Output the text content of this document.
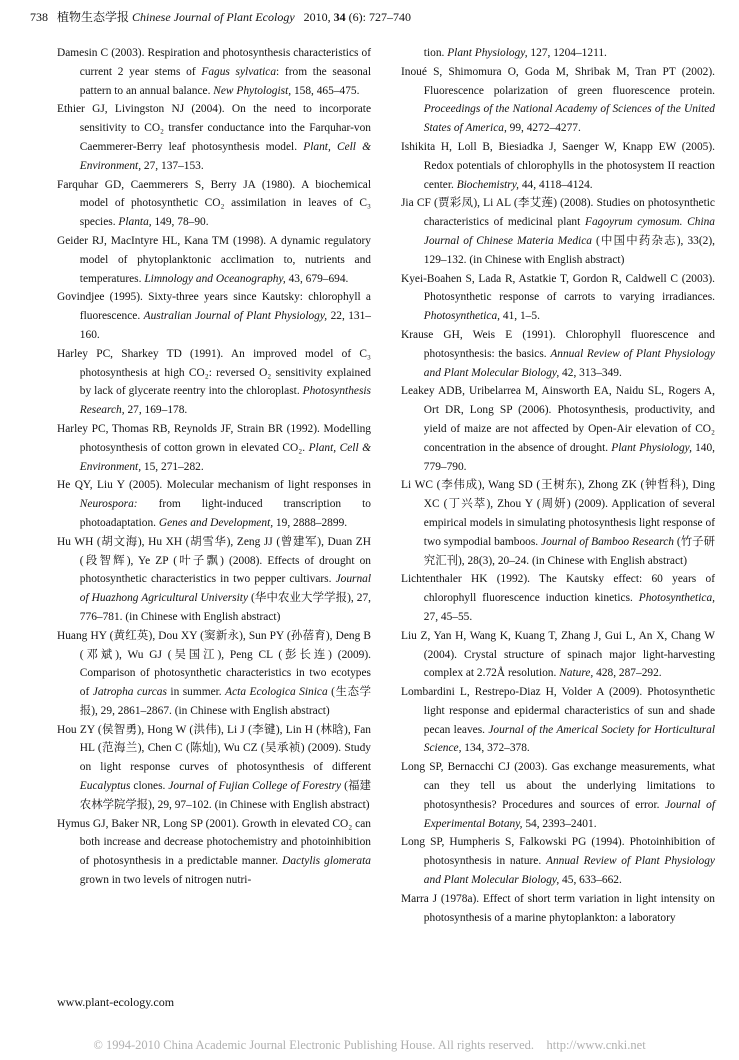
738 植物生态学报 Chinese Journal of Plant Ecology 2010, 34 (6): 727–740

Damesin C (2003). Respiration and photosynthesis characteristics of current 2 year stems of Fagus sylvatica: from the seasonal pattern to an annual balance. New Phytologist, 158, 465–475.

Ethier GJ, Livingston NJ (2004). On the need to incorporate sensitivity to CO₂ transfer conductance into the Farquhar-von Caemmerer-Berry leaf photosynthesis model. Plant, Cell & Environment, 27, 137–153.

Farquhar GD, Caemmerers S, Berry JA (1980). A biochemical model of photosynthetic CO₂ assimilation in leaves of C₃ species. Planta, 149, 78–90.

Geider RJ, MacIntyre HL, Kana TM (1998). A dynamic regulatory model of phytoplanktonic acclimation to, nutrients and temperatures. Limnology and Oceanography, 43, 679–694.

Govindjee (1995). Sixty-three years since Kautsky: chlorophyll a fluorescence. Australian Journal of Plant Physiology, 22, 131–160.

Harley PC, Sharkey TD (1991). An improved model of C₃ photosynthesis at high CO₂: reversed O₂ sensitivity explained by lack of glycerate reentry into the chloroplast. Photosynthesis Research, 27, 169–178.

Harley PC, Thomas RB, Reynolds JF, Strain BR (1992). Modelling photosynthesis of cotton grown in elevated CO₂. Plant, Cell & Environment, 15, 271–282.

He QY, Liu Y (2005). Molecular mechanism of light responses in Neurospora: from light-induced transcription to photoadaptation. Genes and Development, 19, 2888–2899.

Hu WH (胡文海), Hu XH (胡雪华), Zeng JJ (曾建军), Duan ZH (段智辉), Ye ZP (叶子飘) (2008). Effects of drought on photosynthetic characteristics in two pepper cultivars. Journal of Huazhong Agricultural University (华中农业大学学报), 27, 776–781. (in Chinese with English abstract)

Huang HY (黄红英), Dou XY (窦新永), Sun PY (孙蓓育), Deng B (邓斌), Wu GJ (吴国江), Peng CL (彭长连) (2009). Comparison of photosynthetic characteristics in two ecotypes of Jatropha curcas in summer. Acta Ecologica Sinica (生态学报), 29, 2861–2867. (in Chinese with English abstract)

Hou ZY (侯智勇), Hong W (洪伟), Li J (李键), Lin H (林晗), Fan HL (范海兰), Chen C (陈灿), Wu CZ (吴承祯) (2009). Study on light response curves of photosynthesis of different Eucalyptus clones. Journal of Fujian College of Forestry (福建农林学院学报), 29, 97–102. (in Chinese with English abstract)

Hymus GJ, Baker NR, Long SP (2001). Growth in elevated CO₂ can both increase and decrease photochemistry and photoinhibition of photosynthesis in a predictable manner. Dactylis glomerata grown in two levels of nitrogen nutri-

tion. Plant Physiology, 127, 1204–1211.

Inoué S, Shimomura O, Goda M, Shribak M, Tran PT (2002). Fluorescence polarization of green fluorescence protein. Proceedings of the National Academy of Sciences of the United States of America, 99, 4272–4277.

Ishikita H, Loll B, Biesiadka J, Saenger W, Knapp EW (2005). Redox potentials of chlorophylls in the photosystem II reaction center. Biochemistry, 44, 4118–4124.

Jia CF (贾彩凤), Li AL (李艾莲) (2008). Studies on photosynthetic characteristics of medicinal plant Fagoyrum cymosum. China Journal of Chinese Materia Medica (中国中药杂志), 33(2), 129–132. (in Chinese with English abstract)

Kyei-Boahen S, Lada R, Astatkie T, Gordon R, Caldwell C (2003). Photosynthetic response of carrots to varying irradiances. Photosynthetica, 41, 1–5.

Krause GH, Weis E (1991). Chlorophyll fluorescence and photosynthesis: the basics. Annual Review of Plant Physiology and Plant Molecular Biology, 42, 313–349.

Leakey ADB, Uribelarrea M, Ainsworth EA, Naidu SL, Rogers A, Ort DR, Long SP (2006). Photosynthesis, productivity, and yield of maize are not affected by Open-Air elevation of CO₂ concentration in the absence of drought. Plant Physiology, 140, 779–790.

Li WC (李伟成), Wang SD (王树东), Zhong ZK (钟哲科), Ding XC (丁兴萃), Zhou Y (周妍) (2009). Application of several empirical models in simulating photosynthesis light response of two sympodial bamboos. Journal of Bamboo Research (竹子研究汇刊), 28(3), 20–24. (in Chinese with English abstract)

Lichtenthaler HK (1992). The Kautsky effect: 60 years of chlorophyll fluorescence induction kinetics. Photosynthetica, 27, 45–55.

Liu Z, Yan H, Wang K, Kuang T, Zhang J, Gui L, An X, Chang W (2004). Crystal structure of spinach major light-harvesting complex at 2.72Å resolution. Nature, 428, 287–292.

Lombardini L, Restrepo-Diaz H, Volder A (2009). Photosynthetic light response and epidermal characteristics of sun and shade pecan leaves. Journal of the Americal Society for Horticultural Science, 134, 372–378.

Long SP, Bernacchi CJ (2003). Gas exchange measurements, what can they tell us about the underlying limitations to photosynthesis? Procedures and sources of error. Journal of Experimental Botany, 54, 2393–2401.

Long SP, Humpheris S, Falkowski PG (1994). Photoinhibition of photosynthesis in nature. Annual Review of Plant Physiology and Plant Molecular Biology, 45, 633–662.

Marra J (1978a). Effect of short term variation in light intensity on photosynthesis of a marine phytoplankton: a laboratory

www.plant-ecology.com
© 1994-2010 China Academic Journal Electronic Publishing House. All rights reserved.    http://www.cnki.net
